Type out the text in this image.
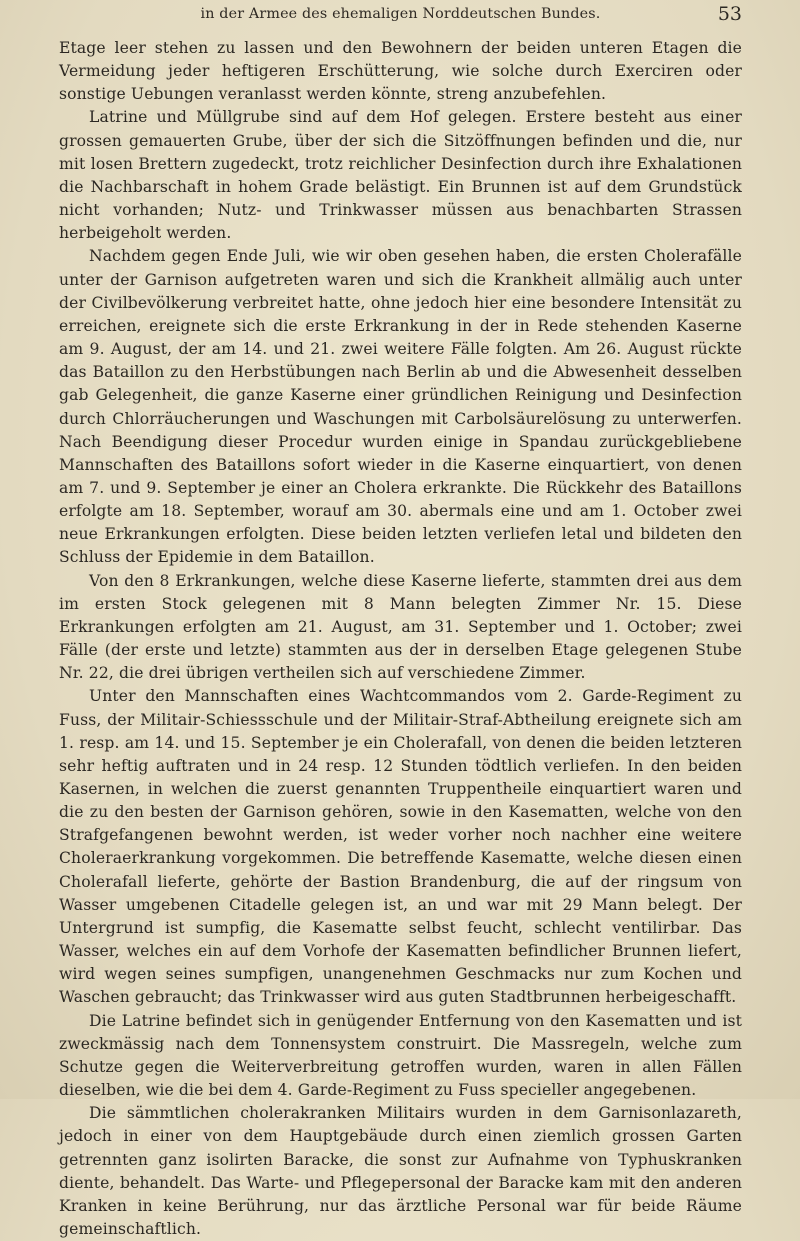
in der Armee des ehemaligen Norddeutschen Bundes.	53

Etage leer stehen zu lassen und den Bewohnern der beiden unteren Etagen die Vermeidung jeder heftigeren Erschütterung, wie solche durch Exerciren oder sonstige Uebungen veranlasst werden könnte, streng anzubefehlen.

Latrine und Müllgrube sind auf dem Hof gelegen. Erstere besteht aus einer grossen gemauerten Grube, über der sich die Sitzöffnungen befinden und die, nur mit losen Brettern zugedeckt, trotz reichlicher Desinfection durch ihre Exhalationen die Nachbarschaft in hohem Grade belästigt. Ein Brunnen ist auf dem Grundstück nicht vorhanden; Nutz- und Trinkwasser müssen aus benachbarten Strassen herbeigeholt werden.

Nachdem gegen Ende Juli, wie wir oben gesehen haben, die ersten Cholerafälle unter der Garnison aufgetreten waren und sich die Krankheit allmälig auch unter der Civilbevölkerung verbreitet hatte, ohne jedoch hier eine besondere Intensität zu erreichen, ereignete sich die erste Erkrankung in der in Rede stehenden Kaserne am 9. August, der am 14. und 21. zwei weitere Fälle folgten. Am 26. August rückte das Bataillon zu den Herbstübungen nach Berlin ab und die Abwesenheit desselben gab Gelegenheit, die ganze Kaserne einer gründlichen Reinigung und Desinfection durch Chlorräucherungen und Waschungen mit Carbolsäurelösung zu unterwerfen. Nach Beendigung dieser Procedur wurden einige in Spandau zurückgebliebene Mannschaften des Bataillons sofort wieder in die Kaserne einquartiert, von denen am 7. und 9. September je einer an Cholera erkrankte. Die Rückkehr des Bataillons erfolgte am 18. September, worauf am 30. abermals eine und am 1. October zwei neue Erkrankungen erfolgten. Diese beiden letzten verliefen letal und bildeten den Schluss der Epidemie in dem Bataillon.

Von den 8 Erkrankungen, welche diese Kaserne lieferte, stammten drei aus dem im ersten Stock gelegenen mit 8 Mann belegten Zimmer Nr. 15. Diese Erkrankungen erfolgten am 21. August, am 31. September und 1. October; zwei Fälle (der erste und letzte) stammten aus der in derselben Etage gelegenen Stube Nr. 22, die drei übrigen vertheilen sich auf verschiedene Zimmer.

Unter den Mannschaften eines Wachtcommandos vom 2. Garde-Regiment zu Fuss, der Militair-Schiessschule und der Militair-Straf-Abtheilung ereignete sich am 1. resp. am 14. und 15. September je ein Cholerafall, von denen die beiden letzteren sehr heftig auftraten und in 24 resp. 12 Stunden tödtlich verliefen. In den beiden Kasernen, in welchen die zuerst genannten Truppentheile einquartiert waren und die zu den besten der Garnison gehören, sowie in den Kasematten, welche von den Strafgefangenen bewohnt werden, ist weder vorher noch nachher eine weitere Choleraerkrankung vorgekommen. Die betreffende Kasematte, welche diesen einen Cholerafall lieferte, gehörte der Bastion Brandenburg, die auf der ringsum von Wasser umgebenen Citadelle gelegen ist, an und war mit 29 Mann belegt. Der Untergrund ist sumpfig, die Kasematte selbst feucht, schlecht ventilirbar. Das Wasser, welches ein auf dem Vorhofe der Kasematten befindlicher Brunnen liefert, wird wegen seines sumpfigen, unangenehmen Geschmacks nur zum Kochen und Waschen gebraucht; das Trinkwasser wird aus guten Stadtbrunnen herbeigeschafft.

Die Latrine befindet sich in genügender Entfernung von den Kasematten und ist zweckmässig nach dem Tonnensystem construirt. Die Massregeln, welche zum Schutze gegen die Weiterverbreitung getroffen wurden, waren in allen Fällen dieselben, wie die bei dem 4. Garde-Regiment zu Fuss specieller angegebenen.

Die sämmtlichen cholerakranken Militairs wurden in dem Garnisonlazareth, jedoch in einer von dem Hauptgebäude durch einen ziemlich grossen Garten getrennten ganz isolirten Baracke, die sonst zur Aufnahme von Typhuskranken diente, behandelt. Das Warte- und Pflegepersonal der Baracke kam mit den anderen Kranken in keine Berührung, nur das ärztliche Personal war für beide Räume gemeinschaftlich.
